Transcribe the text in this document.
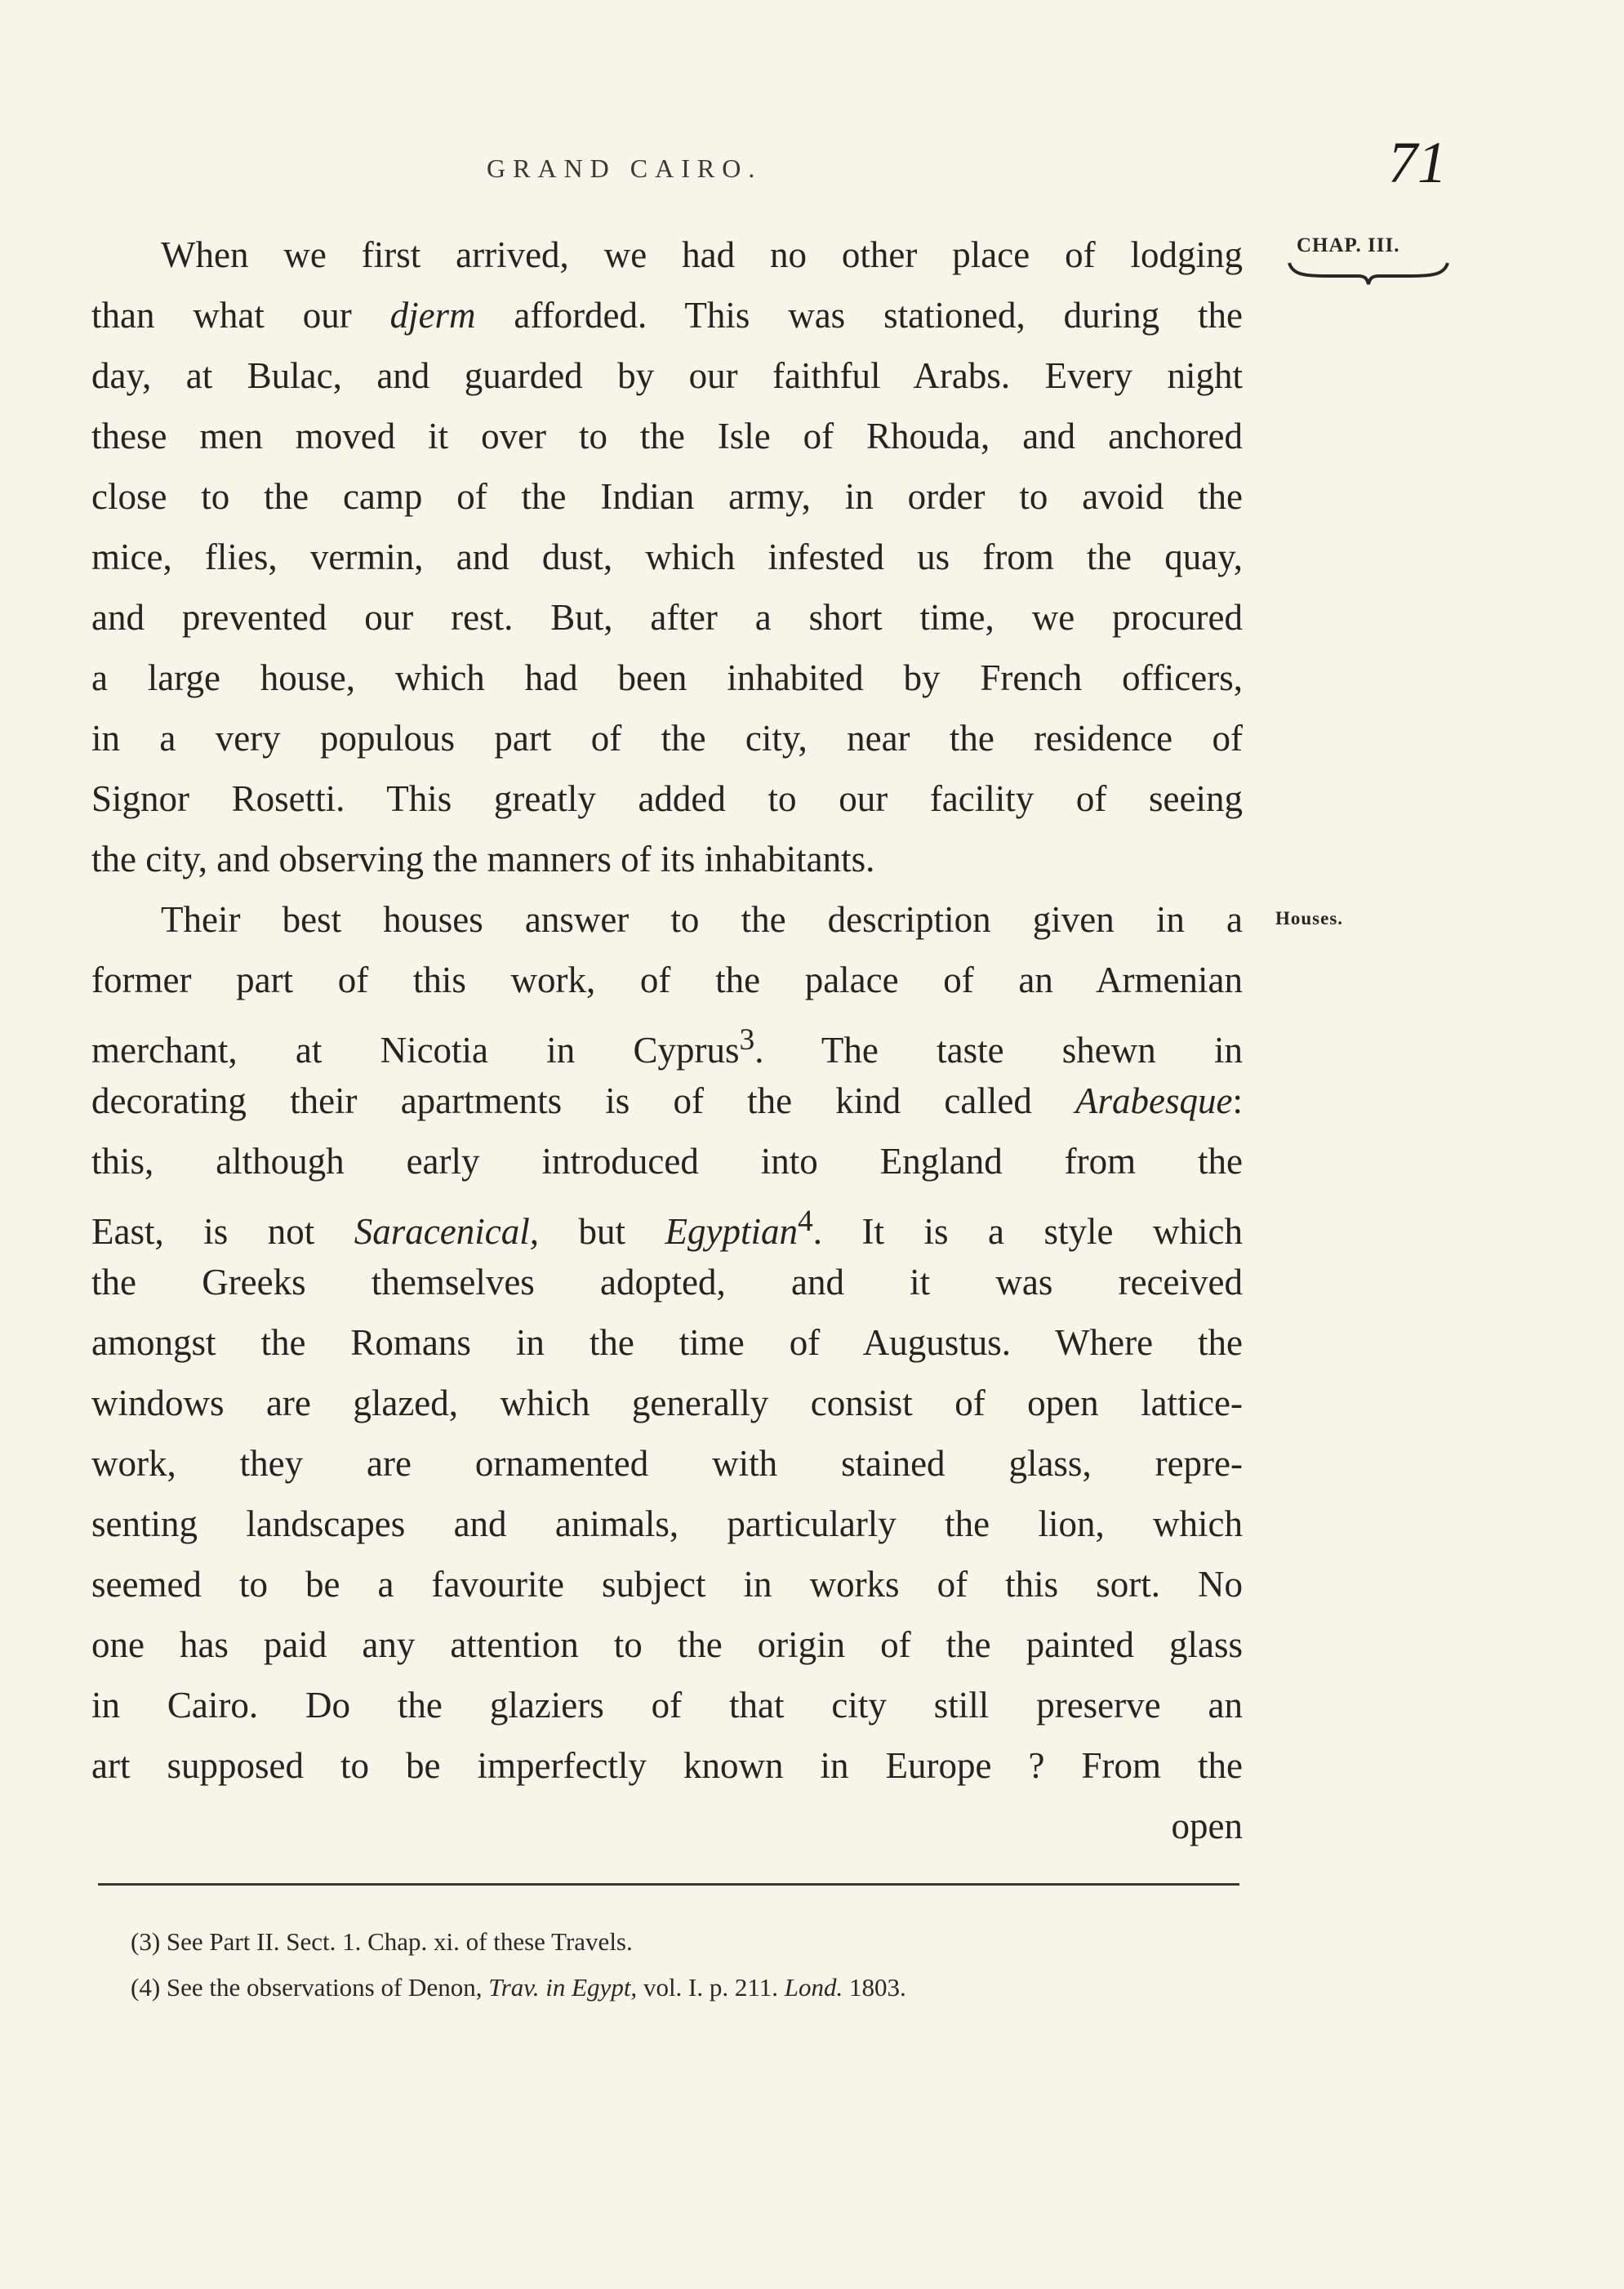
GRAND CAIRO.	71
CHAP. III.
Houses.
When we first arrived, we had no other place of lodging
than what our djerm afforded. This was stationed, during the
day, at Bulac, and guarded by our faithful Arabs. Every night
these men moved it over to the Isle of Rhouda, and anchored
close to the camp of the Indian army, in order to avoid the
mice, flies, vermin, and dust, which infested us from the quay,
and prevented our rest. But, after a short time, we procured
a large house, which had been inhabited by French officers,
in a very populous part of the city, near the residence of
Signor Rosetti. This greatly added to our facility of seeing
the city, and observing the manners of its inhabitants.
Their best houses answer to the description given in a
former part of this work, of the palace of an Armenian
merchant, at Nicotia in Cyprus$^3$. The taste shewn in
decorating their apartments is of the kind called Arabesque:
this, although early introduced into England from the
East, is not Saracenical, but Egyptian$^4$. It is a style which
the Greeks themselves adopted, and it was received
amongst the Romans in the time of Augustus. Where the
windows are glazed, which generally consist of open lattice-
work, they are ornamented with stained glass, repre-
senting landscapes and animals, particularly the lion, which
seemed to be a favourite subject in works of this sort. No
one has paid any attention to the origin of the painted glass
in Cairo. Do the glaziers of that city still preserve an
art supposed to be imperfectly known in Europe ? From the
open
(3) See Part II. Sect. 1. Chap. xi. of these Travels.
(4) See the observations of Denon, Trav. in Egypt, vol. I. p. 211. Lond. 1803.
